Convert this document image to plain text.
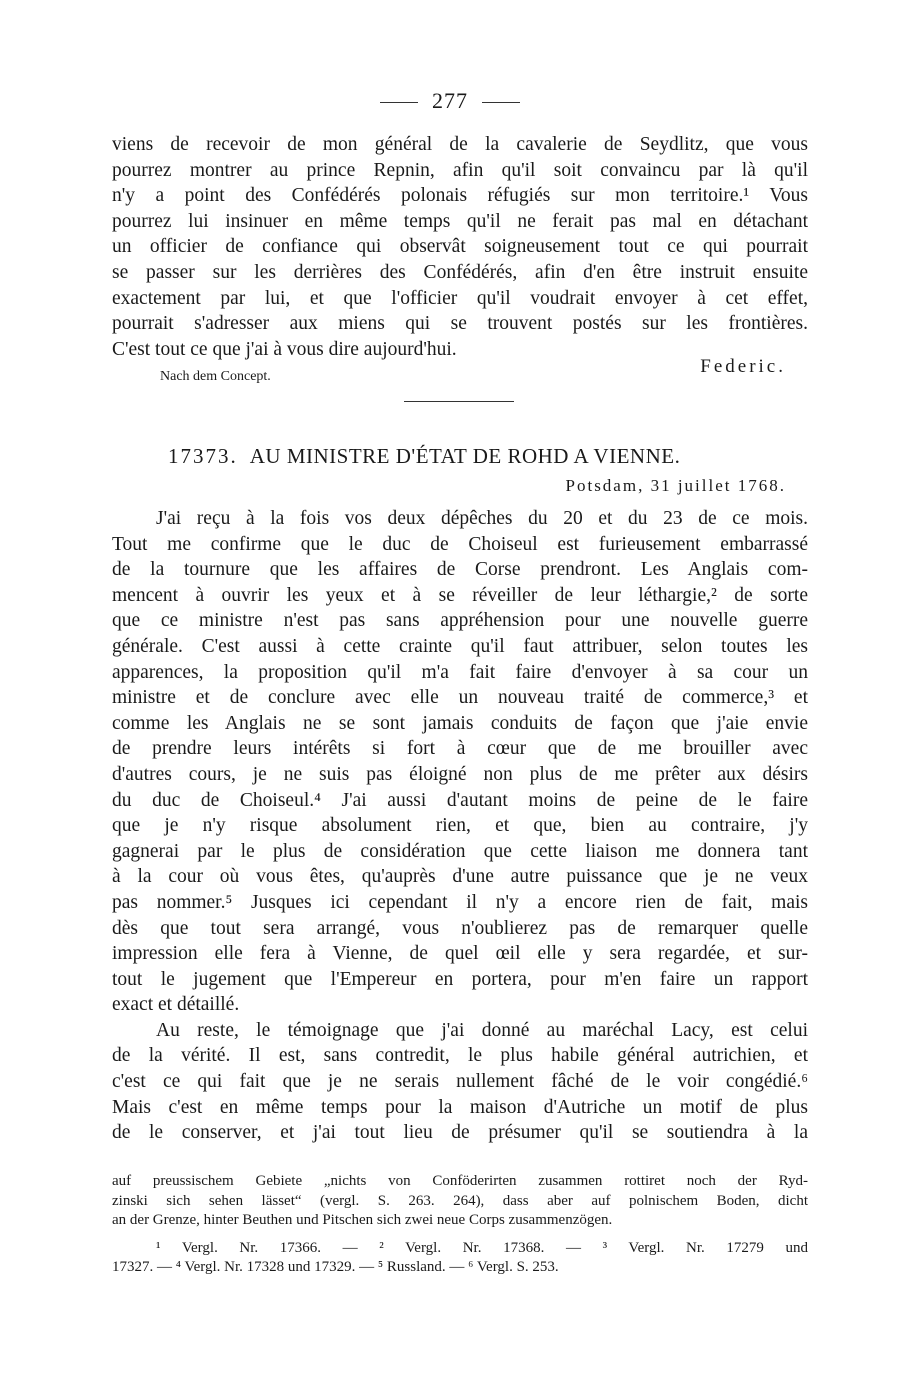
277
viens de recevoir de mon général de la cavalerie de Seydlitz, que vous
pourrez montrer au prince Repnin, afin qu'il soit convaincu par là qu'il
n'y a point des Confédérés polonais réfugiés sur mon territoire.¹ Vous
pourrez lui insinuer en même temps qu'il ne ferait pas mal en détachant
un officier de confiance qui observât soigneusement tout ce qui pourrait
se passer sur les derrières des Confédérés, afin d'en être instruit ensuite
exactement par lui, et que l'officier qu'il voudrait envoyer à cet effet,
pourrait s'adresser aux miens qui se trouvent postés sur les frontières.
C'est tout ce que j'ai à vous dire aujourd'hui.
Nach dem Concept.	Federic.
17373. AU MINISTRE D'ÉTAT DE ROHD A VIENNE.
Potsdam, 31 juillet 1768.
J'ai reçu à la fois vos deux dépêches du 20 et du 23 de ce mois.
Tout me confirme que le duc de Choiseul est furieusement embarrassé
de la tournure que les affaires de Corse prendront. Les Anglais com-
mencent à ouvrir les yeux et à se réveiller de leur léthargie,² de sorte
que ce ministre n'est pas sans appréhension pour une nouvelle guerre
générale. C'est aussi à cette crainte qu'il faut attribuer, selon toutes les
apparences, la proposition qu'il m'a fait faire d'envoyer à sa cour un
ministre et de conclure avec elle un nouveau traité de commerce,³ et
comme les Anglais ne se sont jamais conduits de façon que j'aie envie
de prendre leurs intérêts si fort à cœur que de me brouiller avec
d'autres cours, je ne suis pas éloigné non plus de me prêter aux désirs
du duc de Choiseul.⁴ J'ai aussi d'autant moins de peine de le faire
que je n'y risque absolument rien, et que, bien au contraire, j'y
gagnerai par le plus de considération que cette liaison me donnera tant
à la cour où vous êtes, qu'auprès d'une autre puissance que je ne veux
pas nommer.⁵ Jusques ici cependant il n'y a encore rien de fait, mais
dès que tout sera arrangé, vous n'oublierez pas de remarquer quelle
impression elle fera à Vienne, de quel œil elle y sera regardée, et sur-
tout le jugement que l'Empereur en portera, pour m'en faire un rapport
exact et détaillé.
Au reste, le témoignage que j'ai donné au maréchal Lacy, est celui
de la vérité. Il est, sans contredit, le plus habile général autrichien, et
c'est ce qui fait que je ne serais nullement fâché de le voir congédié.⁶
Mais c'est en même temps pour la maison d'Autriche un motif de plus
de le conserver, et j'ai tout lieu de présumer qu'il se soutiendra à la
auf preussischem Gebiete „nichts von Conföderirten zusammen rottiret noch der Ryd-
zinski sich sehen lässet“ (vergl. S. 263. 264), dass aber auf polnischem Boden, dicht
an der Grenze, hinter Beuthen und Pitschen sich zwei neue Corps zusammenzögen.
¹ Vergl. Nr. 17366. — ² Vergl. Nr. 17368. — ³ Vergl. Nr. 17279 und
17327. — ⁴ Vergl. Nr. 17328 und 17329. — ⁵ Russland. — ⁶ Vergl. S. 253.
